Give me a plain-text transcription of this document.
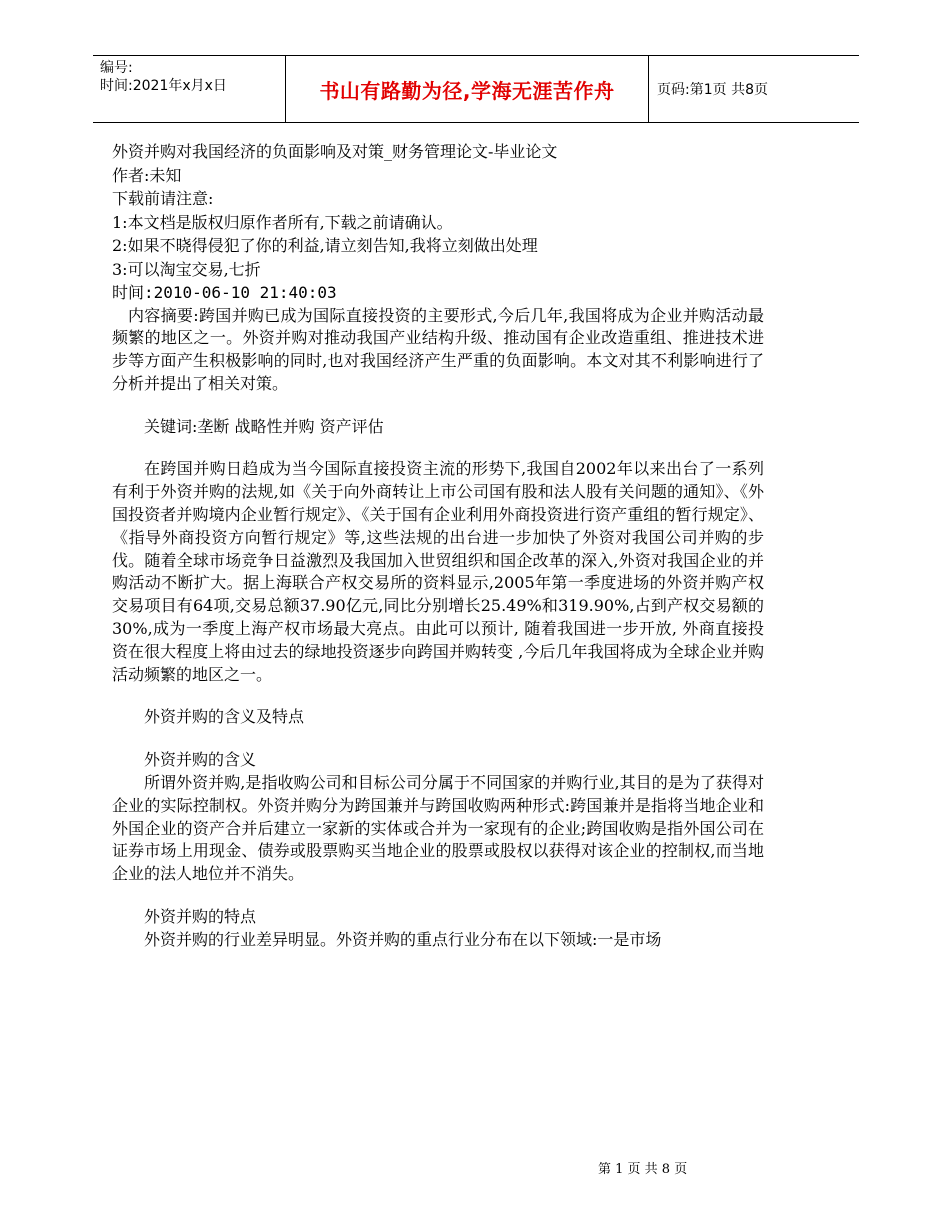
编号:
时间:2021年x月x日	书山有路勤为径,学海无涯苦作舟	页码:第1页 共8页

外资并购对我国经济的负面影响及对策_财务管理论文-毕业论文

作者:未知

下载前请注意:

1:本文档是版权归原作者所有,下载之前请确认。

2:如果不晓得侵犯了你的利益,请立刻告知,我将立刻做出处理

3:可以淘宝交易,七折

时间:2010-06-10 21:40:03

内容摘要:跨国并购已成为国际直接投资的主要形式,今后几年,我国将成为企业并购活动最频繁的地区之一。外资并购对推动我国产业结构升级、推动国有企业改造重组、推进技术进步等方面产生积极影响的同时,也对我国经济产生严重的负面影响。本文对其不利影响进行了分析并提出了相关对策。

关键词:垄断 战略性并购 资产评估

在跨国并购日趋成为当今国际直接投资主流的形势下,我国自2002年以来出台了一系列有利于外资并购的法规,如《关于向外商转让上市公司国有股和法人股有关问题的通知》、《外国投资者并购境内企业暂行规定》、《关于国有企业利用外商投资进行资产重组的暂行规定》、《指导外商投资方向暂行规定》等,这些法规的出台进一步加快了外资对我国公司并购的步伐。随着全球市场竞争日益激烈及我国加入世贸组织和国企改革的深入,外资对我国企业的并购活动不断扩大。据上海联合产权交易所的资料显示,2005年第一季度进场的外资并购产权交易项目有64项,交易总额37.90亿元,同比分别增长25.49%和319.90%,占到产权交易额的30%,成为一季度上海产权市场最大亮点。由此可以预计, 随着我国进一步开放, 外商直接投资在很大程度上将由过去的绿地投资逐步向跨国并购转变 ,今后几年我国将成为全球企业并购活动频繁的地区之一。

外资并购的含义及特点

外资并购的含义

所谓外资并购,是指收购公司和目标公司分属于不同国家的并购行业,其目的是为了获得对企业的实际控制权。外资并购分为跨国兼并与跨国收购两种形式:跨国兼并是指将当地企业和外国企业的资产合并后建立一家新的实体或合并为一家现有的企业;跨国收购是指外国公司在证券市场上用现金、债券或股票购买当地企业的股票或股权以获得对该企业的控制权,而当地企业的法人地位并不消失。

外资并购的特点

外资并购的行业差异明显。外资并购的重点行业分布在以下领域:一是市场

第 1 页 共 8 页
